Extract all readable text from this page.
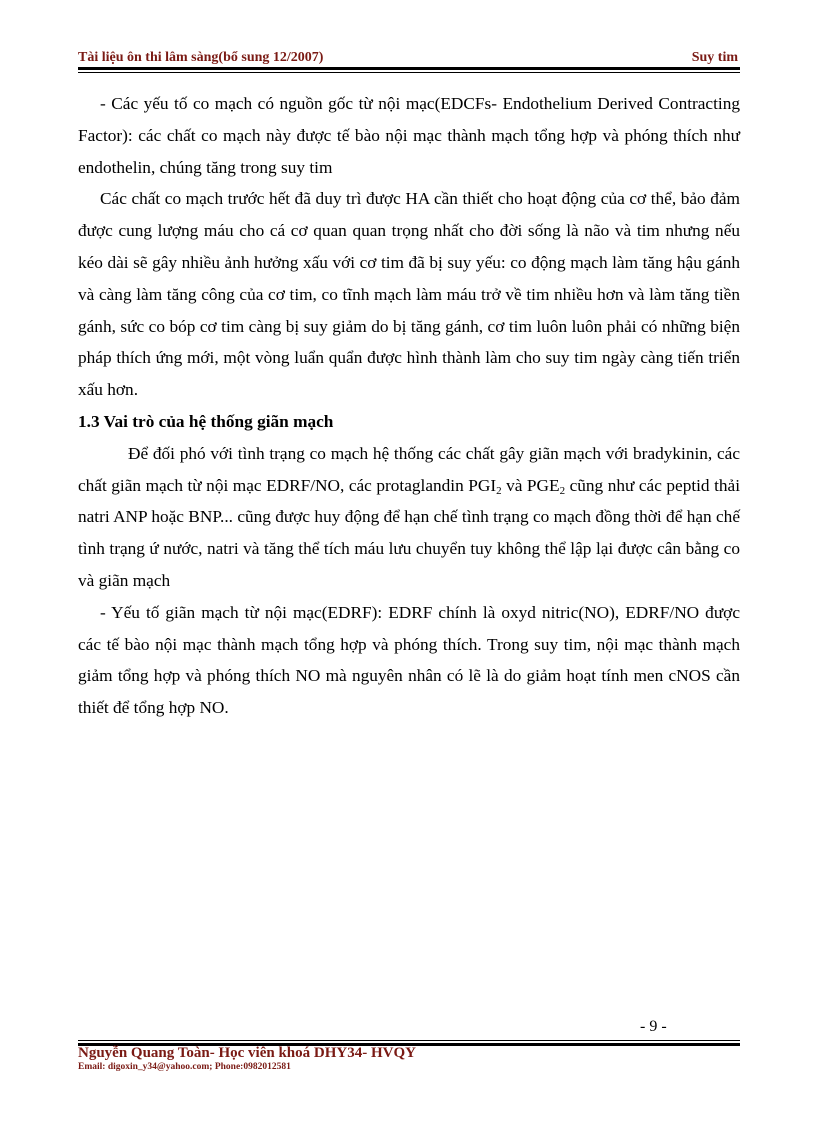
Tài liệu ôn thi lâm sàng(bổ sung 12/2007)	Suy tim

- Các yếu tố co mạch có nguồn gốc từ nội mạc(EDCFs- Endothelium Derived Contracting Factor): các chất co mạch này được tế bào nội mạc thành mạch tổng hợp và phóng thích như endothelin, chúng tăng trong suy tim

Các chất co mạch trước hết đã duy trì được HA cần thiết cho hoạt động của cơ thể, bảo đảm được cung lượng máu cho cá cơ quan quan trọng nhất cho đời sống là não và tim nhưng nếu kéo dài sẽ gây nhiều ảnh hưởng xấu với cơ tim đã bị suy yếu: co động mạch làm tăng hậu gánh và càng làm tăng công của cơ tim, co tĩnh mạch làm máu trở về tim nhiều hơn và làm tăng tiền gánh, sức co bóp cơ tim càng bị suy giảm do bị tăng gánh, cơ tim luôn luôn phải có những biện pháp thích ứng mới, một vòng luẩn quẩn được hình thành làm cho suy tim ngày càng tiến triển xấu hơn.

1.3 Vai trò của hệ thống giãn mạch

Để đối phó với tình trạng co mạch hệ thống các chất gây giãn mạch với bradykinin, các chất giãn mạch từ nội mạc EDRF/NO, các protaglandin $PGI_2$ và $PGE_2$ cũng như các peptid thải natri ANP hoặc BNP... cũng được huy động để hạn chế tình trạng co mạch đồng thời để hạn chế tình trạng ứ nước, natri và tăng thể tích máu lưu chuyển tuy không thể lập lại được cân bằng co và giãn mạch

- Yếu tố giãn mạch từ nội mạc(EDRF): EDRF chính là oxyd nitric(NO), EDRF/NO được các tế bào nội mạc thành mạch tổng hợp và phóng thích. Trong suy tim, nội mạc thành mạch giảm tổng hợp và phóng thích NO mà nguyên nhân có lẽ là do giảm hoạt tính men cNOS cần thiết để tổng hợp NO.

- 9 -
Nguyễn Quang Toàn- Học viên khoá DHY34- HVQY
Email: digoxin_y34@yahoo.com; Phone:0982012581
